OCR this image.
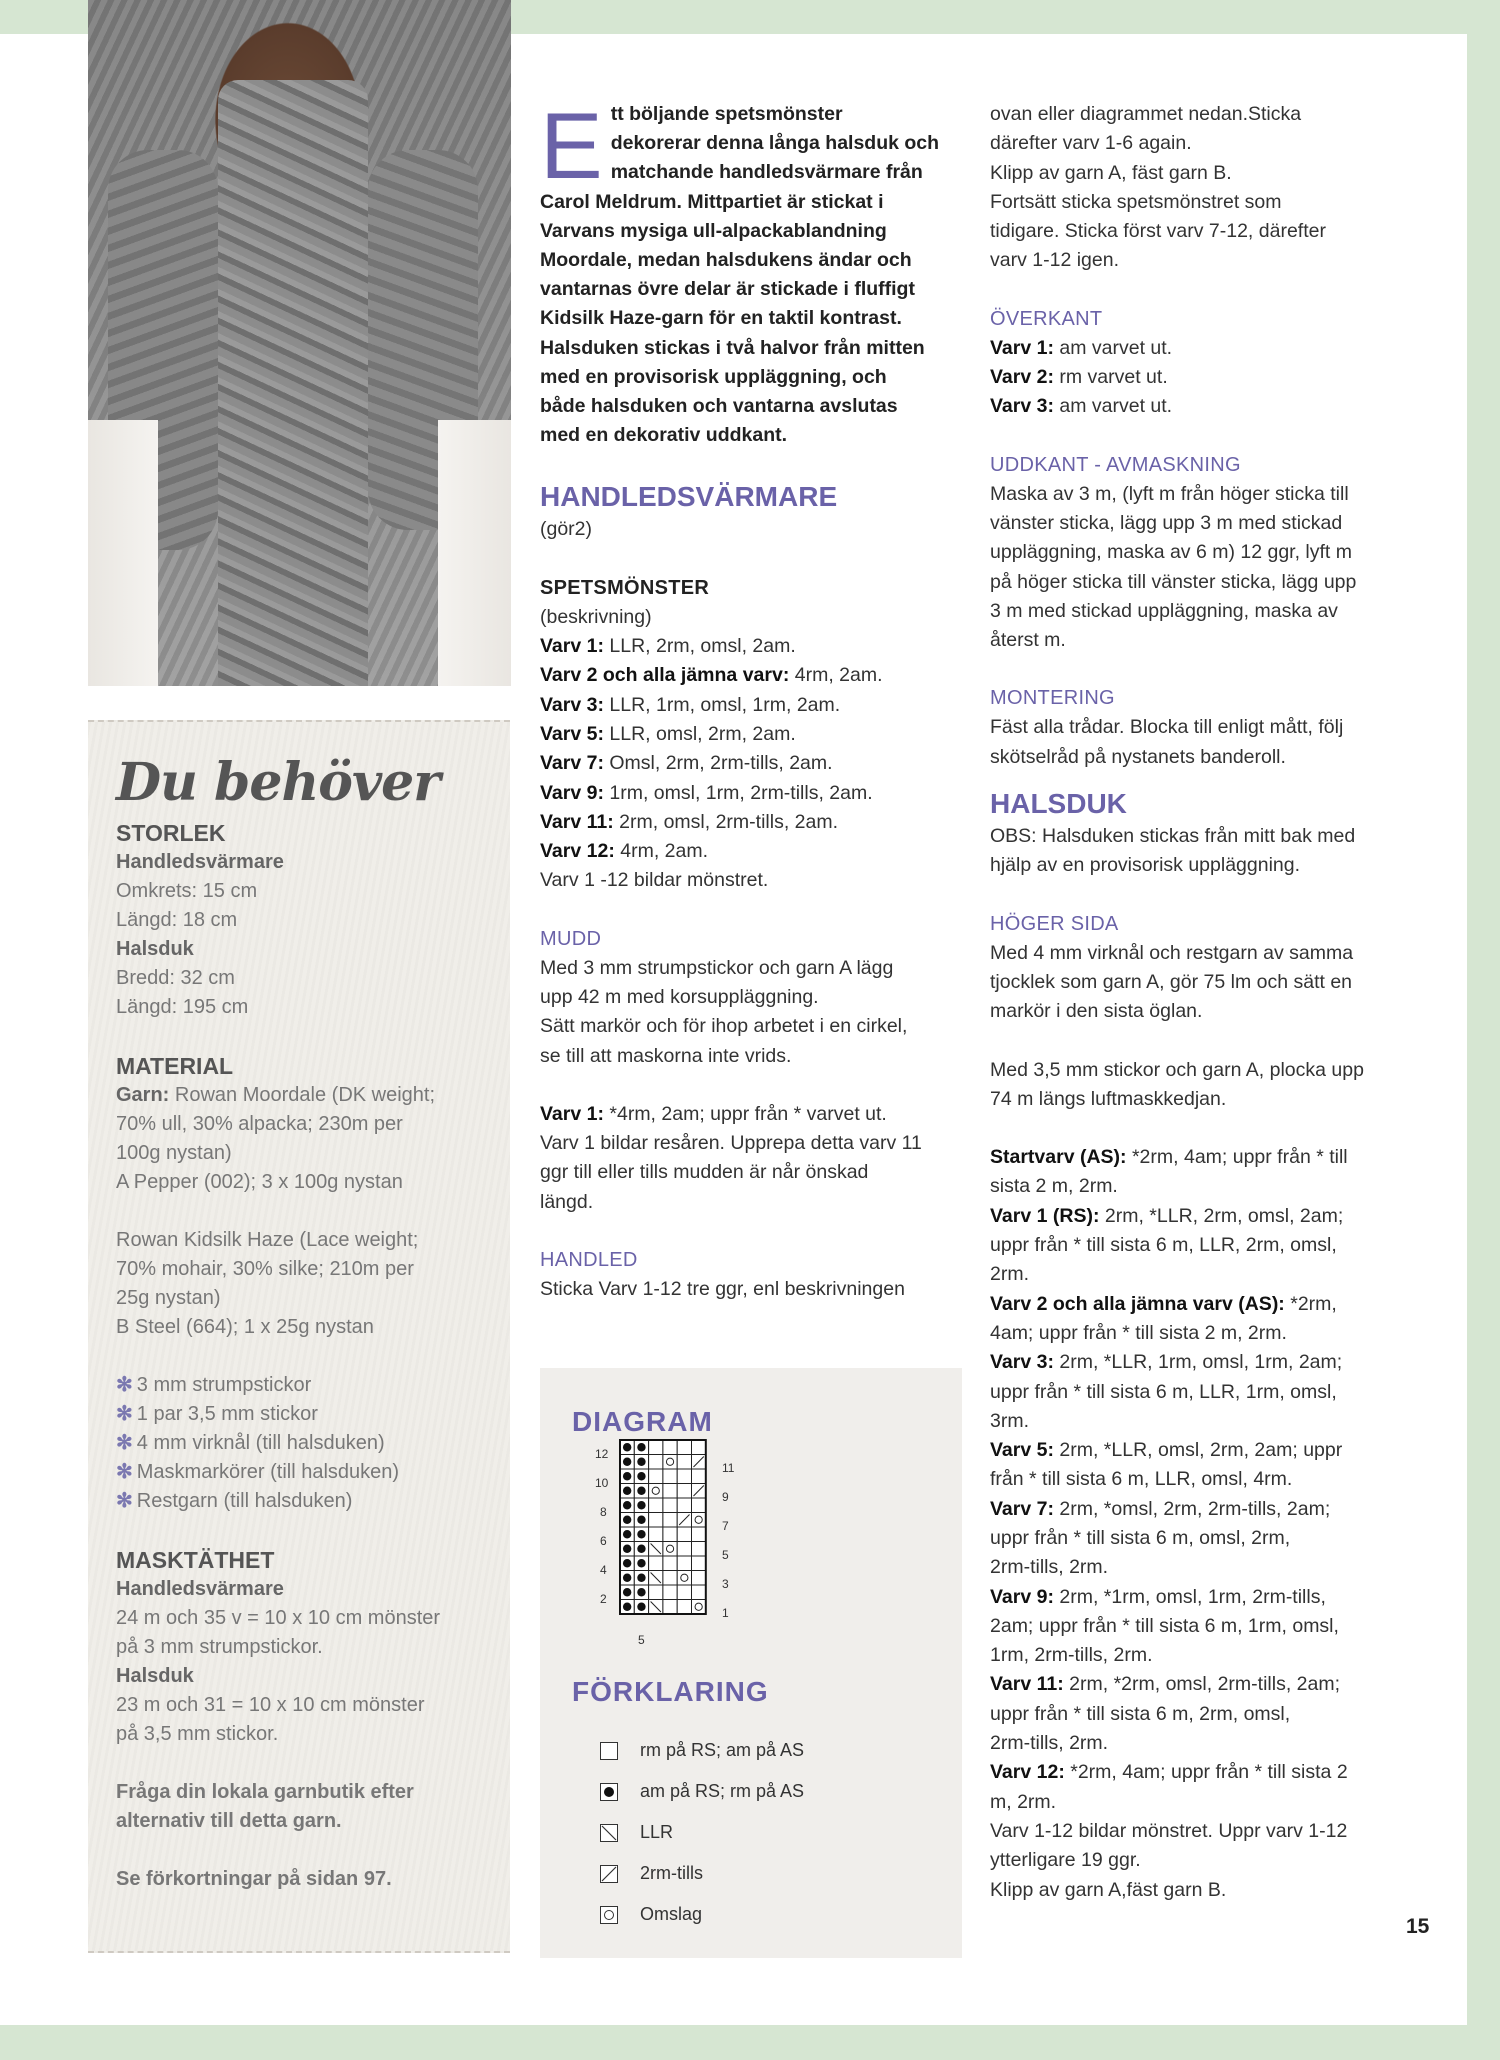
Du behöver
STORLEK
Handledsvärmare
Omkrets: 15 cm
Längd: 18 cm
Halsduk
Bredd: 32 cm
Längd: 195 cm
MATERIAL
Garn: Rowan Moordale (DK weight;
70% ull, 30% alpacka; 230m per
100g nystan)
A Pepper (002); 3 x 100g nystan
Rowan Kidsilk Haze (Lace weight;
70% mohair, 30% silke; 210m per
25g nystan)
B Steel (664); 1 x 25g nystan
✻ 3 mm strumpstickor
✻ 1 par 3,5 mm stickor
✻ 4 mm virknål (till halsduken)
✻ Maskmarkörer (till halsduken)
✻ Restgarn (till halsduken)
MASKTÄTHET
Handledsvärmare
24 m och 35 v = 10 x 10 cm mönster
på 3 mm strumpstickor.
Halsduk
23 m och 31 = 10 x 10 cm mönster
på 3,5 mm stickor.
Fråga din lokala garnbutik efter
alternativ till detta garn.
Se förkortningar på sidan 97.
E tt böljande spetsmönster
dekorerar denna långa halsduk och
matchande handledsvärmare från
Carol Meldrum. Mittpartiet är stickat i
Varvans mysiga ull-alpackablandning
Moordale, medan halsdukens ändar och
vantarnas övre delar är stickade i fluffigt
Kidsilk Haze-garn för en taktil kontrast.
Halsduken stickas i två halvor från mitten
med en provisorisk uppläggning, och
både halsduken och vantarna avslutas
med en dekorativ uddkant.
HANDLEDSVÄRMARE
(gör2)
SPETSMÖNSTER
(beskrivning)
Varv 1: LLR, 2rm, omsl, 2am.
Varv 2 och alla jämna varv: 4rm, 2am.
Varv 3: LLR, 1rm, omsl, 1rm, 2am.
Varv 5: LLR, omsl, 2rm, 2am.
Varv 7: Omsl, 2rm, 2rm-tills, 2am.
Varv 9: 1rm, omsl, 1rm, 2rm-tills, 2am.
Varv 11: 2rm, omsl, 2rm-tills, 2am.
Varv 12: 4rm, 2am.
Varv 1 -12 bildar mönstret.
MUDD
Med 3 mm strumpstickor och garn A lägg
upp 42 m med korsuppläggning.
Sätt markör och för ihop arbetet i en cirkel,
se till att maskorna inte vrids.
Varv 1: *4rm, 2am; uppr från * varvet ut.
Varv 1 bildar resåren. Upprepa detta varv 11
ggr till eller tills mudden är når önskad
längd.
HANDLED
Sticka Varv 1-12 tre ggr, enl beskrivningen
DIAGRAM
12
10
8
6
4
2
11
9
7
5
3
1
5
FÖRKLARING
rm på RS; am på AS
am på RS; rm på AS
LLR
2rm-tills
Omslag
ovan eller diagrammet nedan.Sticka
därefter varv 1-6 again.
Klipp av garn A, fäst garn B.
Fortsätt sticka spetsmönstret som
tidigare. Sticka först varv 7-12, därefter
varv 1-12 igen.
ÖVERKANT
Varv 1: am varvet ut.
Varv 2: rm varvet ut.
Varv 3: am varvet ut.
UDDKANT - AVMASKNING
Maska av 3 m, (lyft m från höger sticka till
vänster sticka, lägg upp 3 m med stickad
uppläggning, maska av 6 m) 12 ggr, lyft m
på höger sticka till vänster sticka, lägg upp
3 m med stickad uppläggning, maska av
återst m.
MONTERING
Fäst alla trådar. Blocka till enligt mått, följ
skötselråd på nystanets banderoll.
HALSDUK
OBS: Halsduken stickas från mitt bak med
hjälp av en provisorisk uppläggning.
HÖGER SIDA
Med 4 mm virknål och restgarn av samma
tjocklek som garn A, gör 75 lm och sätt en
markör i den sista öglan.
Med 3,5 mm stickor och garn A, plocka upp
74 m längs luftmaskkedjan.
Startvarv (AS): *2rm, 4am; uppr från * till
sista 2 m, 2rm.
Varv 1 (RS): 2rm, *LLR, 2rm, omsl, 2am;
uppr från * till sista 6 m, LLR, 2rm, omsl,
2rm.
Varv 2 och alla jämna varv (AS): *2rm,
4am; uppr från * till sista 2 m, 2rm.
Varv 3: 2rm, *LLR, 1rm, omsl, 1rm, 2am;
uppr från * till sista 6 m, LLR, 1rm, omsl,
3rm.
Varv 5: 2rm, *LLR, omsl, 2rm, 2am; uppr
från * till sista 6 m, LLR, omsl, 4rm.
Varv 7: 2rm, *omsl, 2rm, 2rm-tills, 2am;
uppr från * till sista 6 m, omsl, 2rm,
2rm-tills, 2rm.
Varv 9: 2rm, *1rm, omsl, 1rm, 2rm-tills,
2am; uppr från * till sista 6 m, 1rm, omsl,
1rm, 2rm-tills, 2rm.
Varv 11: 2rm, *2rm, omsl, 2rm-tills, 2am;
uppr från * till sista 6 m, 2rm, omsl,
2rm-tills, 2rm.
Varv 12: *2rm, 4am; uppr från * till sista 2
m, 2rm.
Varv 1-12 bildar mönstret. Uppr varv 1-12
ytterligare 19 ggr.
Klipp av garn A,fäst garn B.
15
